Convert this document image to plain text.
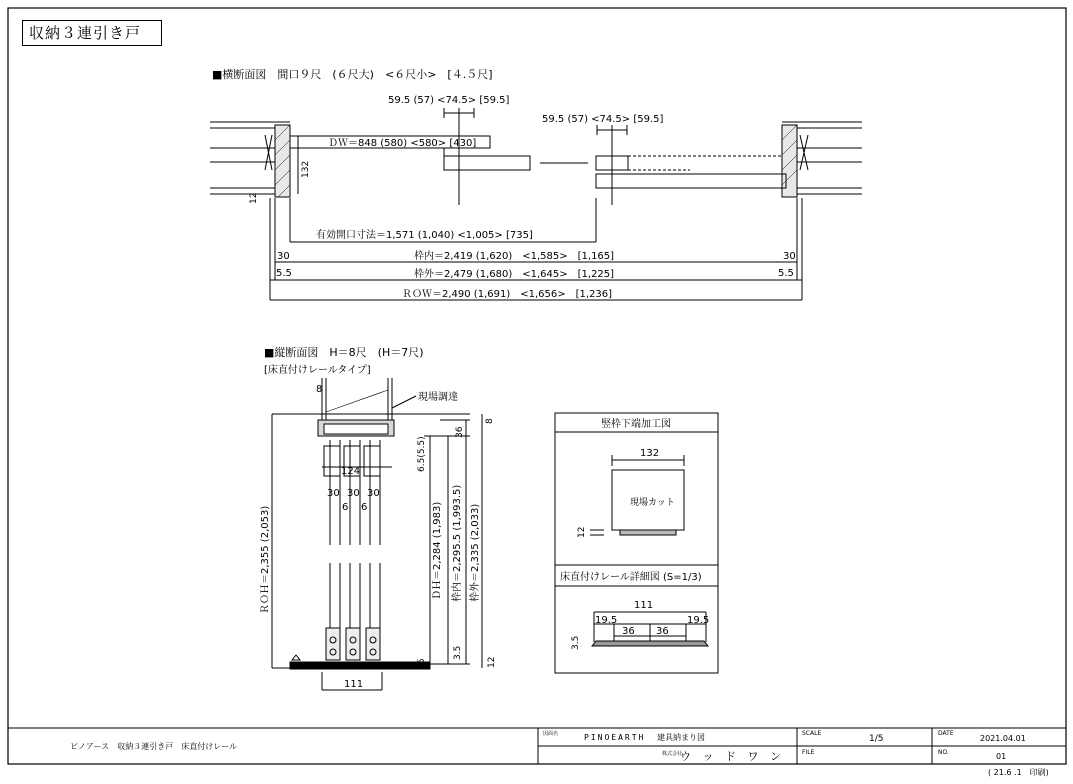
収納３連引き戸
■横断面図　間口９尺　(６尺大)　<６尺小>　[４.５尺]
59.5 (57) <74.5> [59.5]
59.5 (57) <74.5> [59.5]
ＤＷ＝848 (580) <580> [430]
132
12
有効開口寸法＝1,571 (1,040) <1,005> [735]
30	30
枠内＝2,419 (1,620)　<1,585>　[1,165]
5.5	5.5
枠外＝2,479 (1,680)　<1,645>　[1,225]
ＲＯＷ＝2,490 (1,691)　<1,656>　[1,236]
■縦断面図　H＝8尺　(H＝7尺)
[床直付けレールタイプ]
8
現場調達
124
30 30 30
6 6
111
ＲＯＨ＝2,355 (2,053)
8
36
6.5(5.5)
ＤＨ＝2,284 (1,983) 枠内＝2,295.5 (1,993.5) 枠外＝2,335 (2,033)
3.5
5	12
竪枠下端加工図
132
現場カット
12
床直付けレール詳細図 (S=1/3)
111
19.5
36 36
19.5
3.5
ピノアース　収納３連引き戸　床直付けレール
図面名	PINOEARTH 建具納まり図
株式会社
ウ ッ ド ワ ン
SCALE
1/5
FILE
DATE
2021.04.01
NO.	01
( 21.6 .1　印刷)
